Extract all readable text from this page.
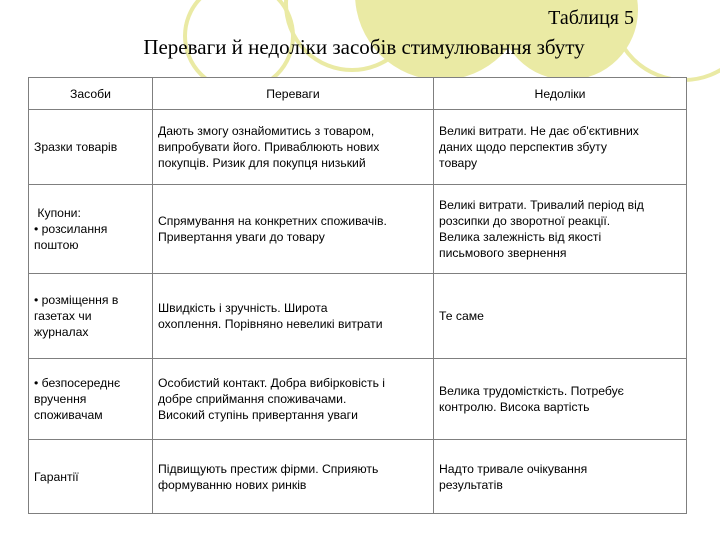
Таблиця 5
Переваги й недоліки засобів стимулювання збуту
Засоби	Переваги	Недоліки

Зразки товарів	Дають змогу ознайомитись з товаром,
випробувати його. Приваблюють нових
покупців. Ризик для покупця низький	Великі витрати. Не дає об'єктивних
даних щодо перспектив збуту
товару

Купони:
• розсилання
поштою	Спрямування на конкретних споживачів.
Привертання уваги до товару	Великі витрати. Тривалий період від
розсипки до зворотної реакції.
Велика залежність від якості
письмового звернення

• розміщення в
газетах чи
журналах	Швидкість і зручність. Широта
охоплення. Порівняно невеликі витрати	Те саме

• безпосереднє
вручення
споживачам	Особистий контакт. Добра вибірковість і
добре сприймання споживачами.
Високий ступінь привертання уваги	Велика трудомісткість. Потребує
контролю. Висока вартість

Гарантії	Підвищують престиж фірми. Сприяють
формуванню нових ринків	Надто тривале очікування
результатів
